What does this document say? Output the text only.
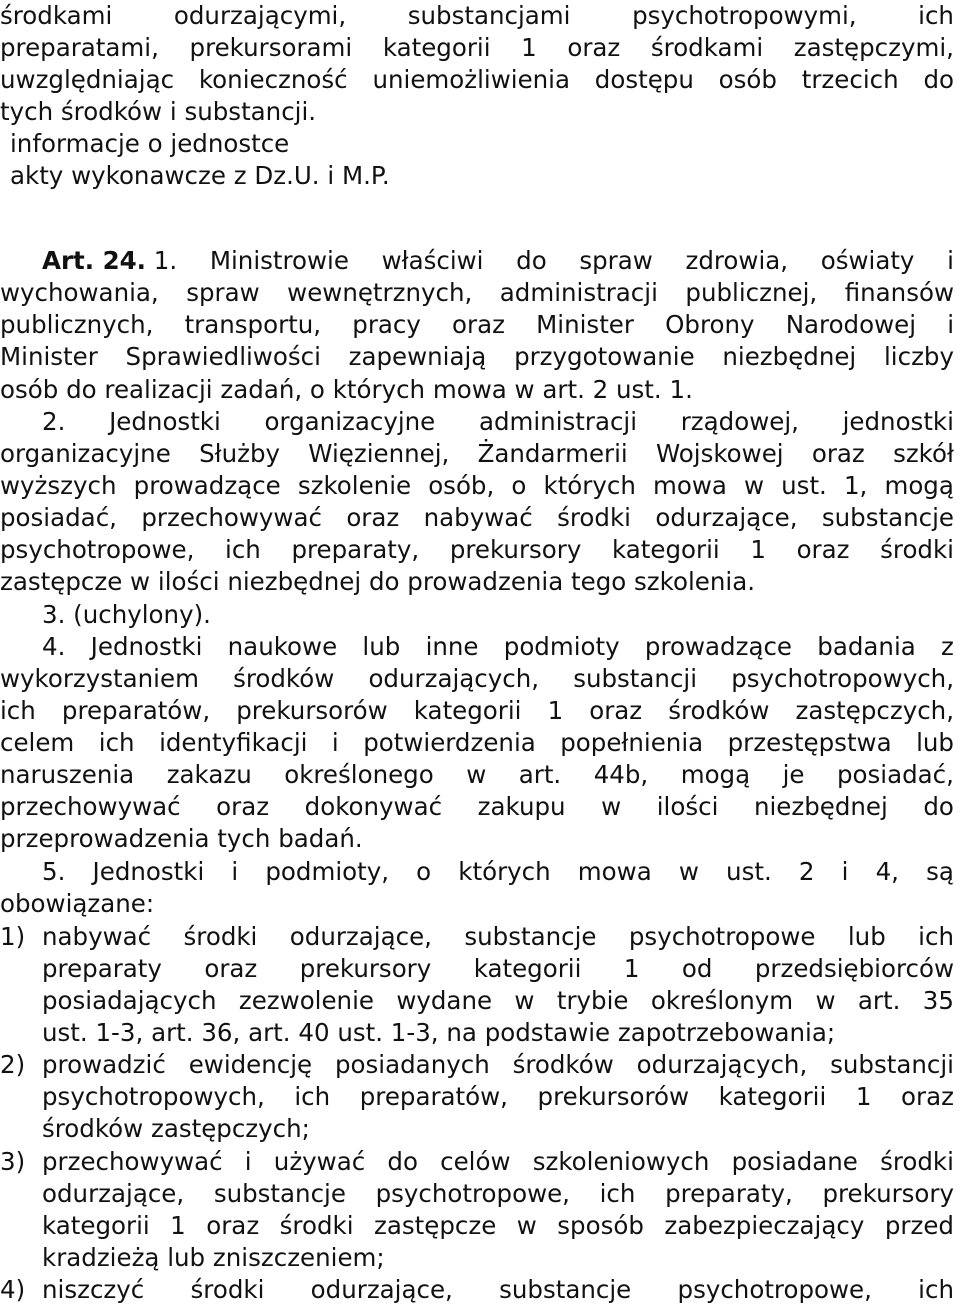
środkami	odurzającymi,	substancjami	psychotropowymi,	ich
preparatami, prekursorami kategorii 1 oraz środkami zastępczymi,
uwzględniając konieczność uniemożliwienia dostępu osób trzecich do
tych środków i substancji.
informacje o jednostce
akty wykonawcze z Dz.U. i M.P.
Art. 24. 1. Ministrowie właściwi do spraw zdrowia, oświaty i
wychowania, spraw wewnętrznych, administracji publicznej, finansów
publicznych, transportu, pracy oraz Minister Obrony Narodowej i
Minister Sprawiedliwości zapewniają przygotowanie niezbędnej liczby
osób do realizacji zadań, o których mowa w art. 2 ust. 1.
2. Jednostki organizacyjne administracji rządowej, jednostki
organizacyjne Służby Więziennej, Żandarmerii Wojskowej oraz szkół
wyższych prowadzące szkolenie osób, o których mowa w ust. 1, mogą
posiadać, przechowywać oraz nabywać środki odurzające, substancje
psychotropowe, ich preparaty, prekursory kategorii 1 oraz środki
zastępcze w ilości niezbędnej do prowadzenia tego szkolenia.
3. (uchylony).
4. Jednostki naukowe lub inne podmioty prowadzące badania z
wykorzystaniem środków odurzających, substancji psychotropowych,
ich preparatów, prekursorów kategorii 1 oraz środków zastępczych,
celem ich identyfikacji i potwierdzenia popełnienia przestępstwa lub
naruszenia zakazu określonego w art. 44b, mogą je posiadać,
przechowywać oraz dokonywać zakupu w ilości niezbędnej do
przeprowadzenia tych badań.
5. Jednostki i podmioty, o których mowa w ust. 2 i 4, są
obowiązane:
1) nabywać środki odurzające, substancje psychotropowe lub ich
preparaty oraz prekursory kategorii 1 od przedsiębiorców
posiadających zezwolenie wydane w trybie określonym w art. 35
ust. 1-3, art. 36, art. 40 ust. 1-3, na podstawie zapotrzebowania;
2) prowadzić ewidencję posiadanych środków odurzających, substancji
psychotropowych, ich preparatów, prekursorów kategorii 1 oraz
środków zastępczych;
3) przechowywać i używać do celów szkoleniowych posiadane środki
odurzające, substancje psychotropowe, ich preparaty, prekursory
kategorii 1 oraz środki zastępcze w sposób zabezpieczający przed
kradzieżą lub zniszczeniem;
4) niszczyć środki odurzające, substancje psychotropowe, ich
